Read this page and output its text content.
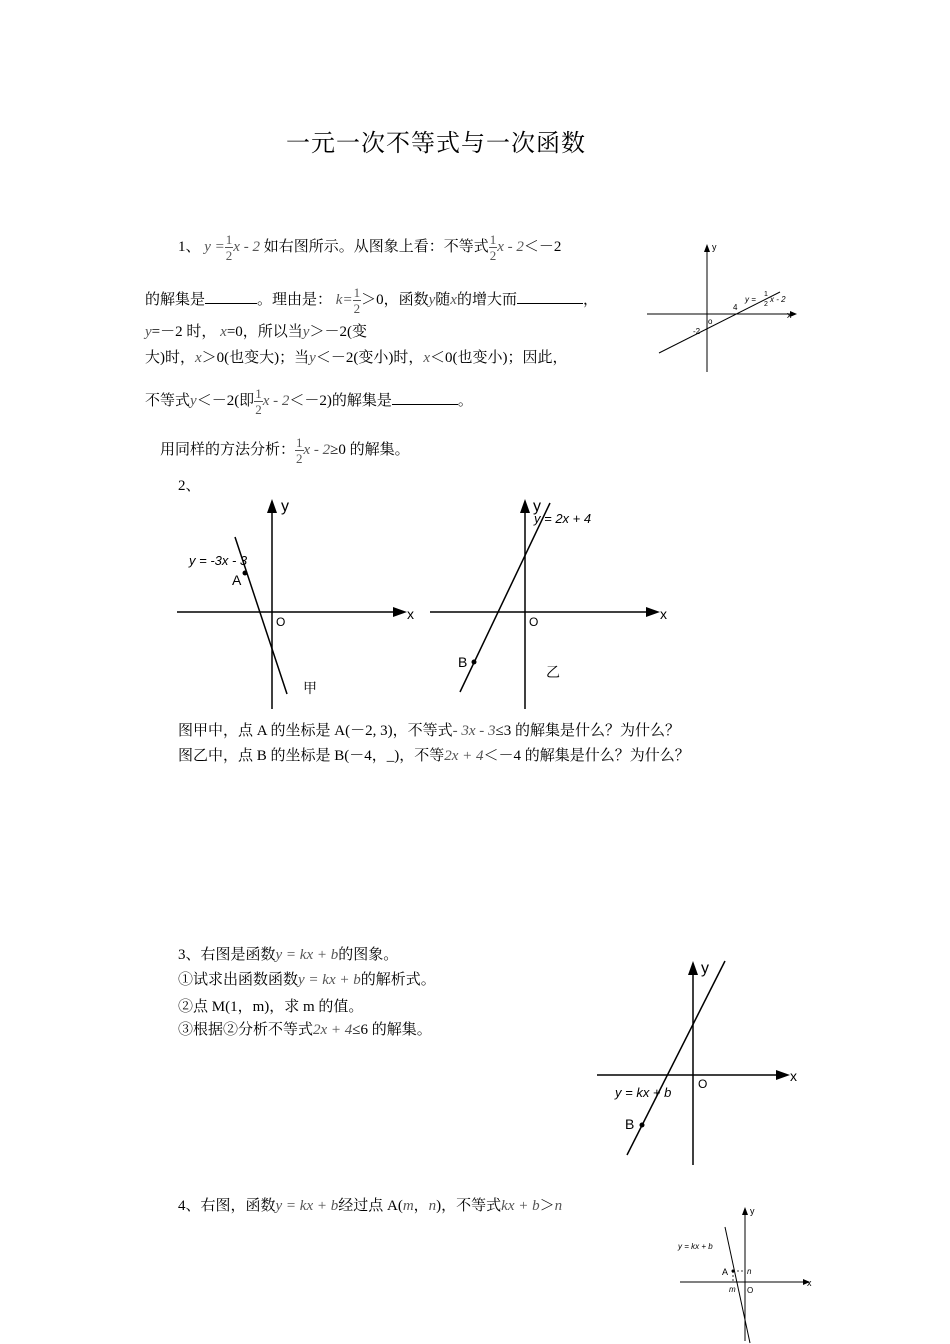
一元一次不等式与一次函数
1、 $y = \frac{1}{2}$ x - 2 如右图所示。从图象上看：不等式 $\frac{1}{2}$ x - 2＜－2
的解集是	。理由是： $k= \frac{1}{2} >0$，函数y随x的增大而	，
y=－2 时， x=0，所以当y＞－2(变
大)时，x＞0(也变大)；当y＜－2(变小)时，x＜0(也变小)；因此，
不等式y＜－2(即 $\frac{1}{2}$ x - 2＜－2)的解集是	。
用同样的方法分析： $\frac{1}{2}$ x - 2≥0 的解集。
y
x
o
-2
4
y =
1
2
x - 2
2、
y
x
O
y = -3x - 3
A
甲
y
x
O
y = 2x + 4
B
乙
图甲中，点 A 的坐标是 A(－2, 3)，不等式- 3x - 3≤3 的解集是什么？为什么？
图乙中，点 B 的坐标是 B(－4，_)，不等2x + 4＜－4 的解集是什么？为什么？
3、右图是函数y = kx + b的图象。
①试求出函数函数y = kx + b的解析式。
②点 M(1，m)，求 m 的值。
③根据②分析不等式2x + 4≤6 的解集。
y
x
O
y = kx + b
B
4、右图，函数y = kx + b经过点 A(m，n)，不等式kx + b＞n	y
x
O
y = kx + b
A n
m
